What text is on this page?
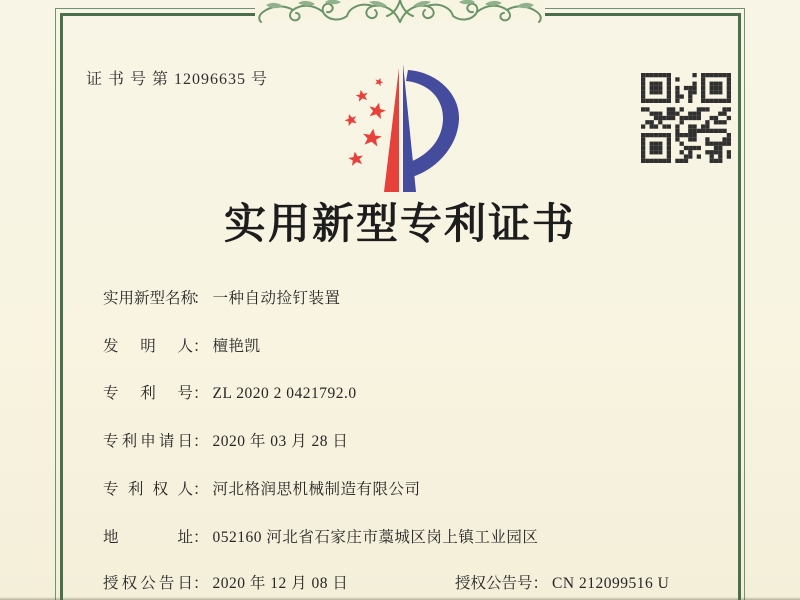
证 书 号 第 12096635 号
实用新型专利证书
实用新型名称： 一种自动捡钉装置
发明人： 檀艳凯
专利号： ZL 2020 2 0421792.0
专利申请日： 2020 年 03 月 28 日
专利权人： 河北格润思机械制造有限公司
地址： 052160 河北省石家庄市藁城区岗上镇工业园区
授权公告日： 2020 年 12 月 08 日	授权公告号： CN 212099516 U
